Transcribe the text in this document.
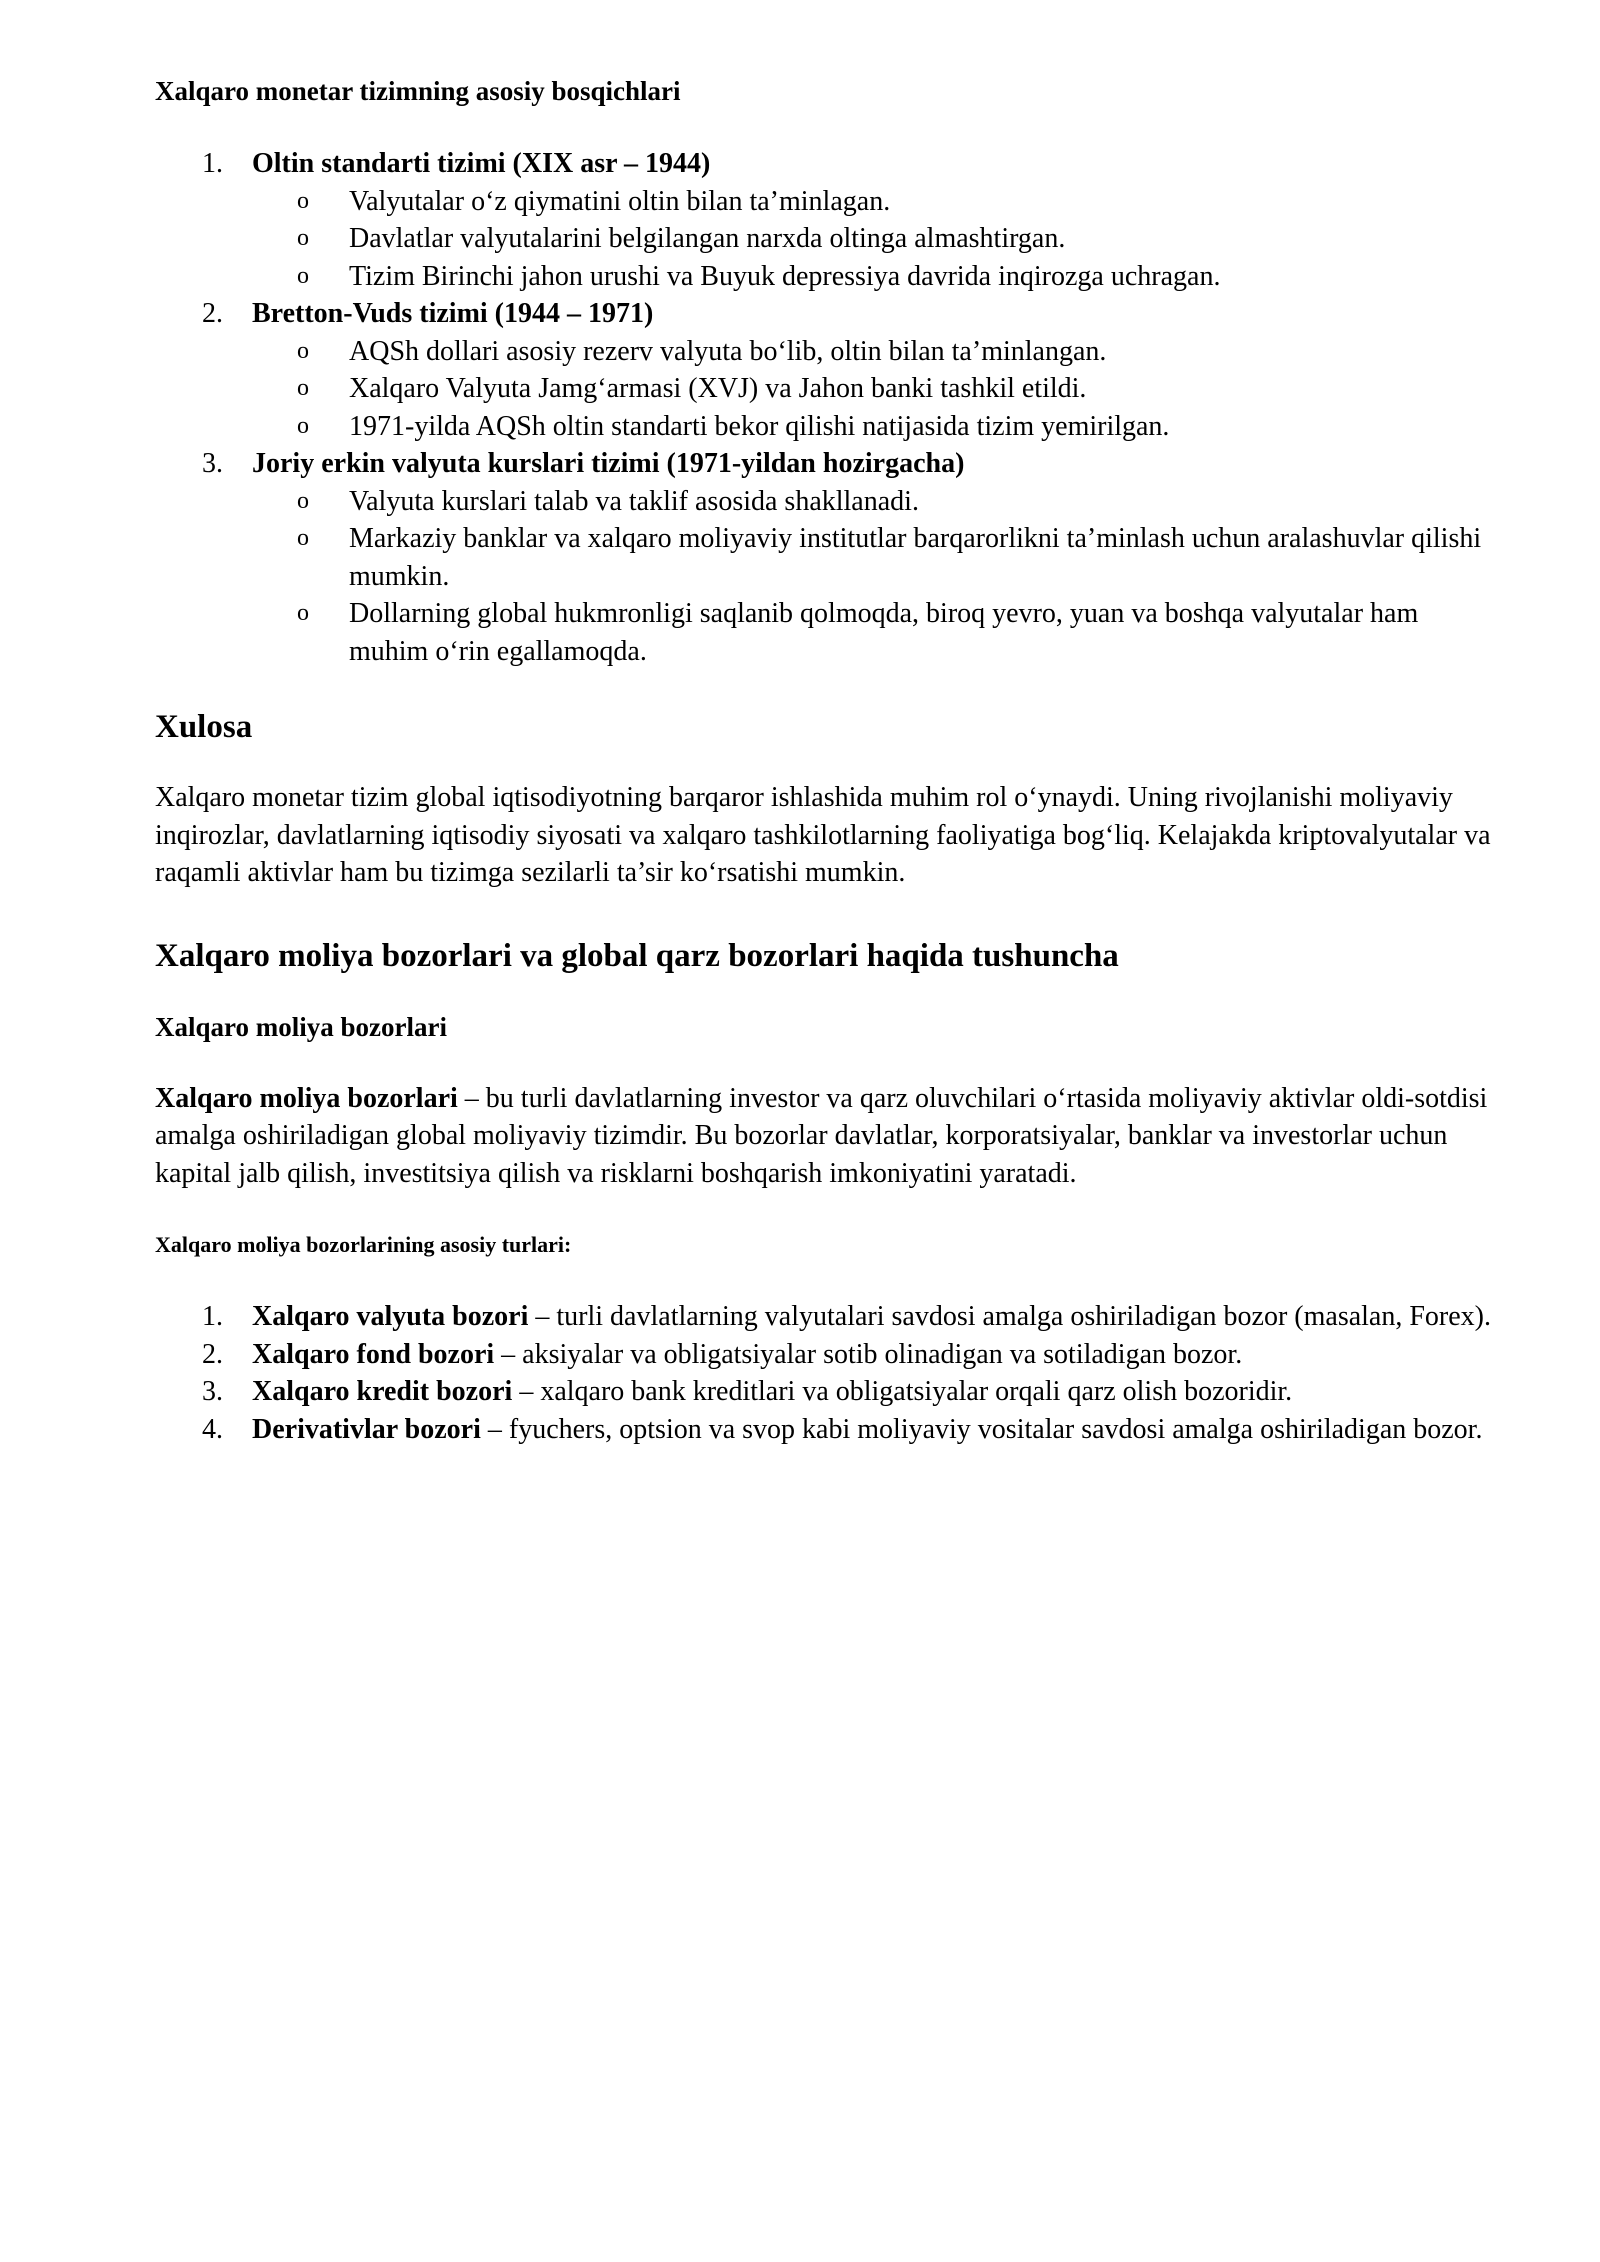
Xalqaro monetar tizimning asosiy bosqichlari
1. Oltin standarti tizimi (XIX asr – 1944)
o Valyutalar o‘z qiymatini oltin bilan ta’minlagan.
o Davlatlar valyutalarini belgilangan narxda oltinga almashtirgan.
o Tizim Birinchi jahon urushi va Buyuk depressiya davrida inqirozga uchragan.
2. Bretton-Vuds tizimi (1944 – 1971)
o AQSh dollari asosiy rezerv valyuta bo‘lib, oltin bilan ta’minlangan.
o Xalqaro Valyuta Jamg‘armasi (XVJ) va Jahon banki tashkil etildi.
o 1971-yilda AQSh oltin standarti bekor qilishi natijasida tizim yemirilgan.
3. Joriy erkin valyuta kurslari tizimi (1971-yildan hozirgacha)
o Valyuta kurslari talab va taklif asosida shakllanadi.
o Markaziy banklar va xalqaro moliyaviy institutlar barqarorlikni ta’minlash uchun aralashuvlar qilishi mumkin.
o Dollarning global hukmronligi saqlanib qolmoqda, biroq yevro, yuan va boshqa valyutalar ham muhim o‘rin egallamoqda.
Xulosa

Xalqaro monetar tizim global iqtisodiyotning barqaror ishlashida muhim rol o‘ynaydi. Uning rivojlanishi moliyaviy inqirozlar, davlatlarning iqtisodiy siyosati va xalqaro tashkilotlarning faoliyatiga bog‘liq. Kelajakda kriptovalyutalar va raqamli aktivlar ham bu tizimga sezilarli ta’sir ko‘rsatishi mumkin.

Xalqaro moliya bozorlari va global qarz bozorlari haqida tushuncha
Xalqaro moliya bozorlari

Xalqaro moliya bozorlari – bu turli davlatlarning investor va qarz oluvchilari o‘rtasida moliyaviy aktivlar oldi-sotdisi amalga oshiriladigan global moliyaviy tizimdir. Bu bozorlar davlatlar, korporatsiyalar, banklar va investorlar uchun kapital jalb qilish, investitsiya qilish va risklarni boshqarish imkoniyatini yaratadi.

Xalqaro moliya bozorlarining asosiy turlari:
1. Xalqaro valyuta bozori – turli davlatlarning valyutalari savdosi amalga oshiriladigan bozor (masalan, Forex).
2. Xalqaro fond bozori – aksiyalar va obligatsiyalar sotib olinadigan va sotiladigan bozor.
3. Xalqaro kredit bozori – xalqaro bank kreditlari va obligatsiyalar orqali qarz olish bozoridir.
4. Derivativlar bozori – fyuchers, optsion va svop kabi moliyaviy vositalar savdosi amalga oshiriladigan bozor.
